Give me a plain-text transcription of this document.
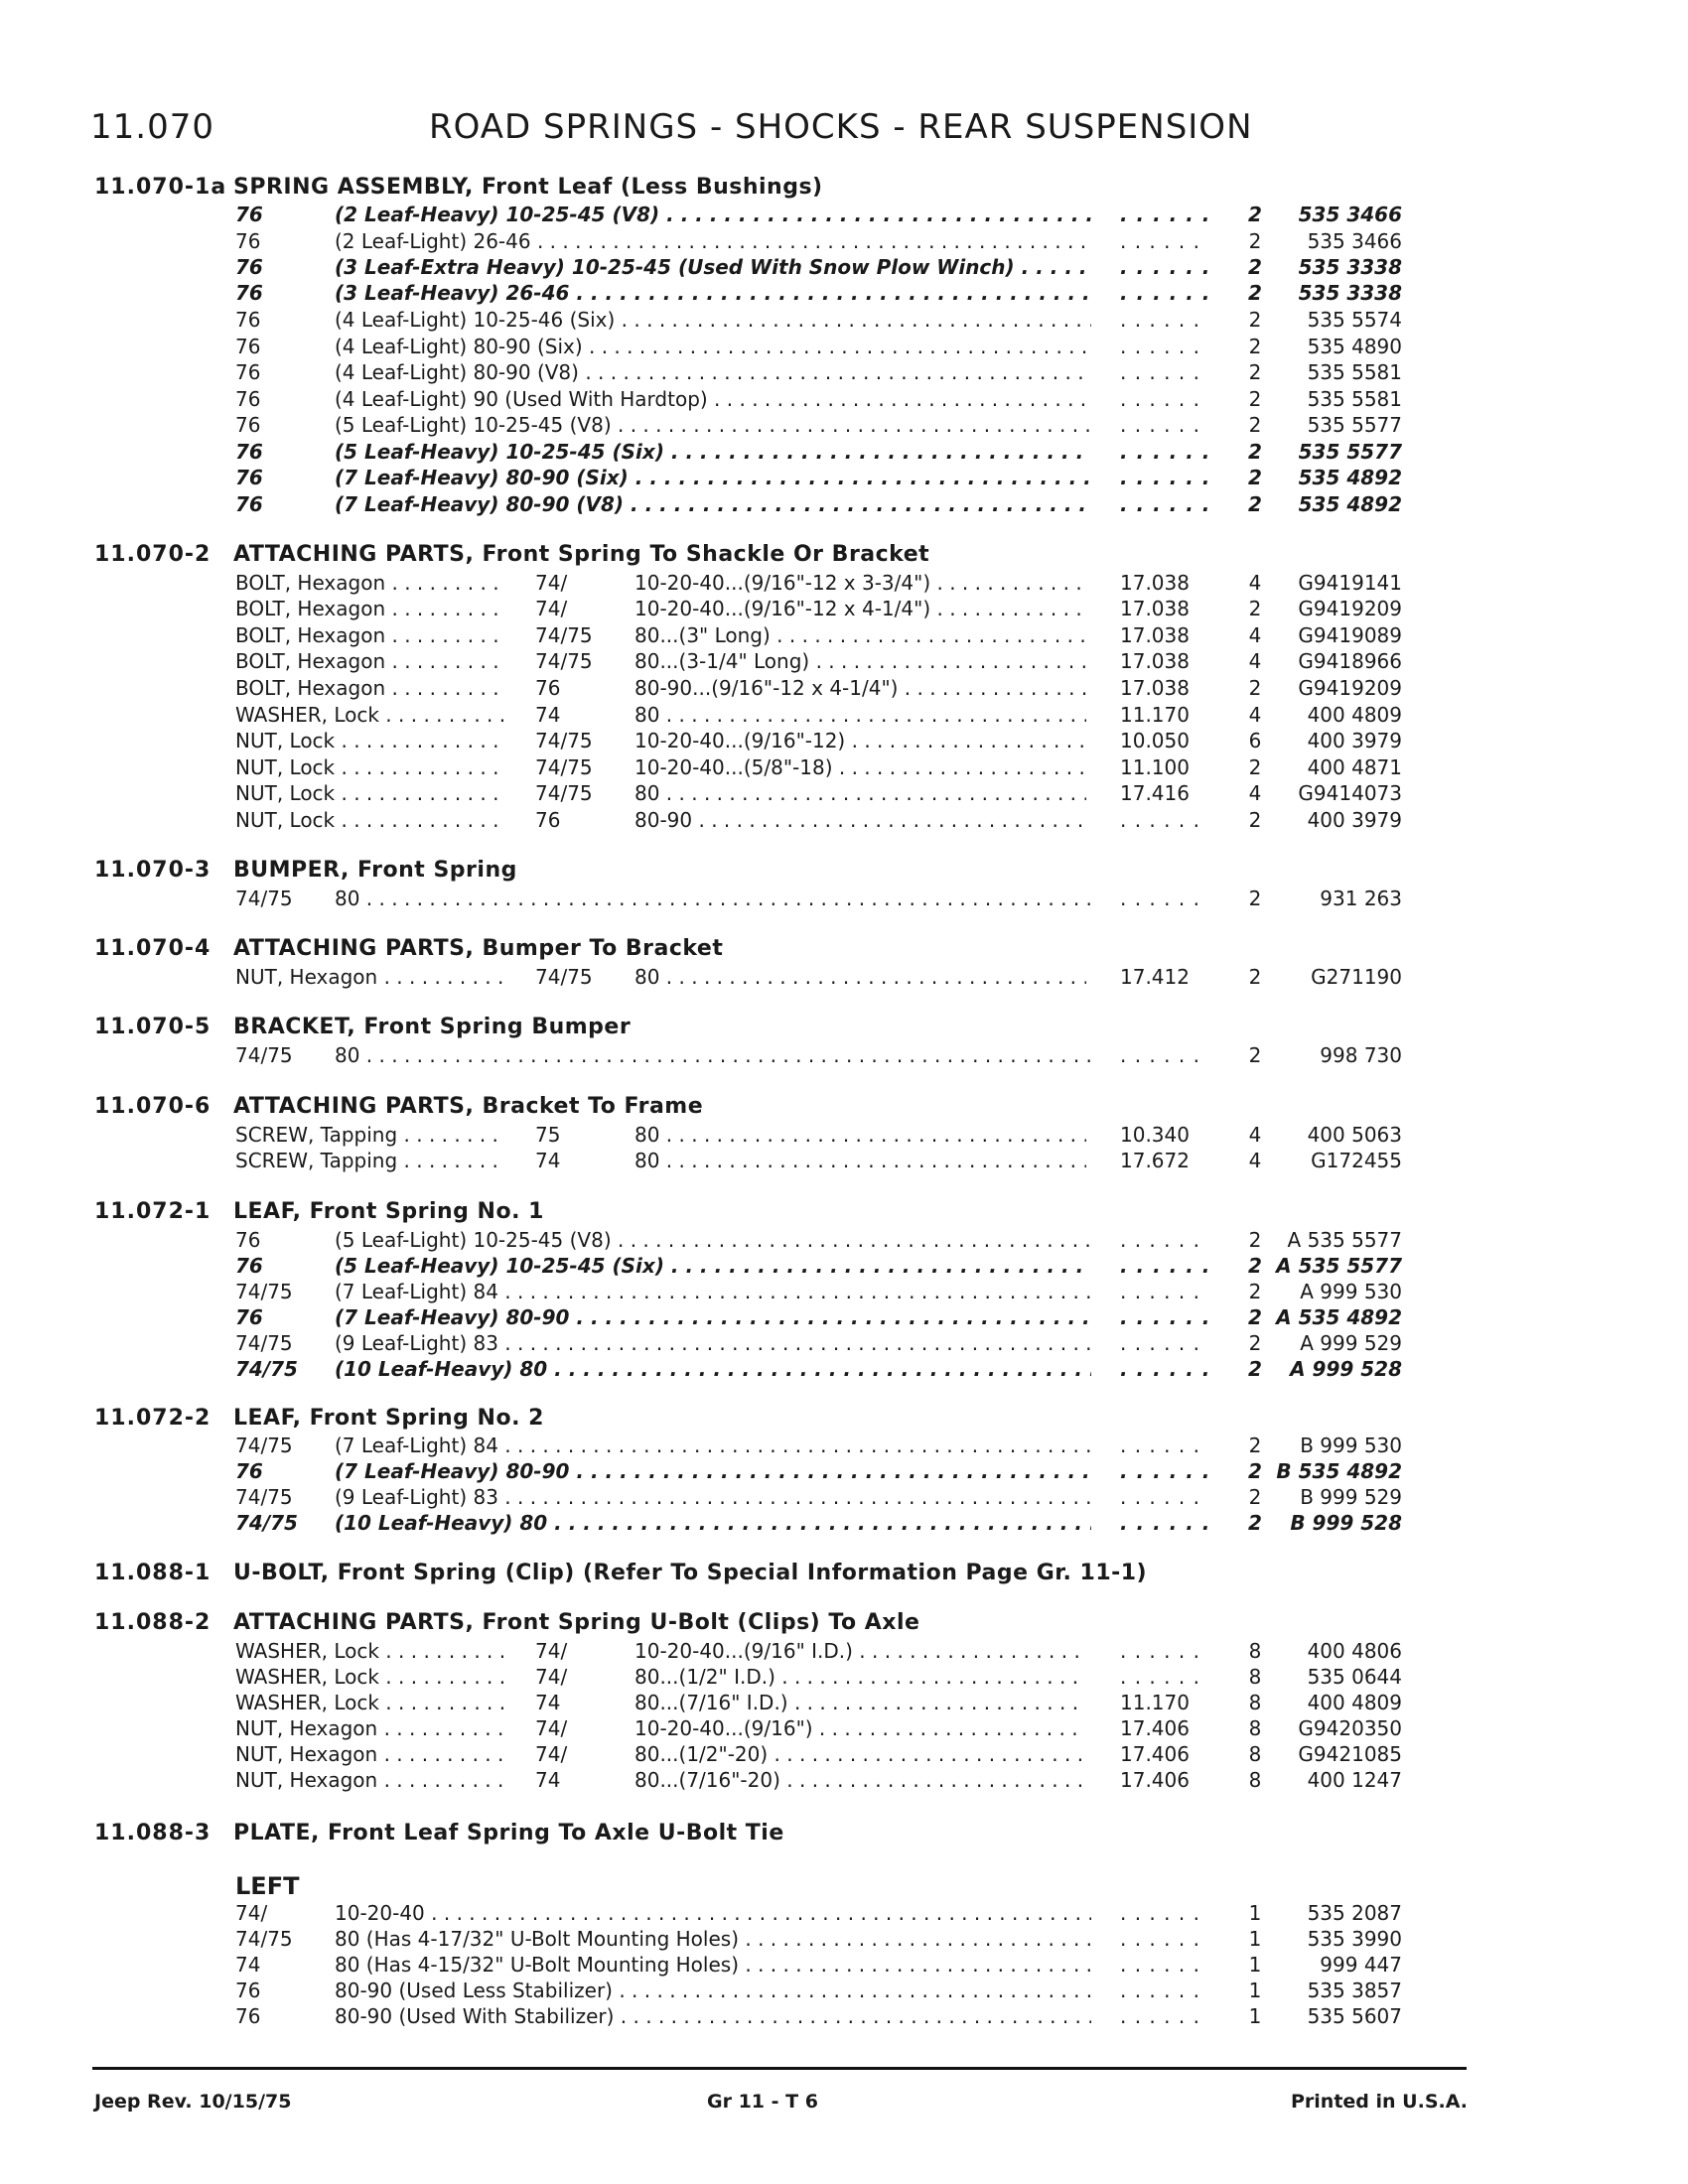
11.070	ROAD SPRINGS - SHOCKS - REAR SUSPENSION
11.070-1a SPRING ASSEMBLY, Front Leaf (Less Bushings)
76	(2 Leaf-Heavy) 10-25-45 (V8) . . . . . .	2	535 3466
76	(2 Leaf-Light) 26-46 . . . . . .	2	535 3466
76	(3 Leaf-Extra Heavy) 10-25-45 (Used With Snow Plow Winch) . . . . . .	2	535 3338
76	(3 Leaf-Heavy) 26-46 . . . . . .	2	535 3338
76	(4 Leaf-Light) 10-25-46 (Six) . . . . . .	2	535 5574
76	(4 Leaf-Light) 80-90 (Six) . . . . . .	2	535 4890
76	(4 Leaf-Light) 80-90 (V8) . . . . . .	2	535 5581
76	(4 Leaf-Light) 90 (Used With Hardtop) . . . . . .	2	535 5581
76	(5 Leaf-Light) 10-25-45 (V8) . . . . . .	2	535 5577
76	(5 Leaf-Heavy) 10-25-45 (Six) . . . . . .	2	535 5577
76	(7 Leaf-Heavy) 80-90 (Six) . . . . . .	2	535 4892
76	(7 Leaf-Heavy) 80-90 (V8) . . . . . .	2	535 4892
11.070-2 ATTACHING PARTS, Front Spring To Shackle Or Bracket
BOLT, Hexagon . . .	74/	10-20-40...(9/16"-12 x 3-3/4") . . .	17.038	4	G9419141
BOLT, Hexagon . . .	74/	10-20-40...(9/16"-12 x 4-1/4") . . .	17.038	2	G9419209
BOLT, Hexagon . . .	74/75 80...(3" Long) . . .	17.038	4	G9419089
BOLT, Hexagon . . .	74/75 80...(3-1/4" Long) . . .	17.038	4	G9418966
BOLT, Hexagon . . .	76	80-90...(9/16"-12 x 4-1/4") . . .	17.038	2	G9419209
WASHER, Lock . . .	74	80 . . .	11.170	4	400 4809
NUT, Lock . . .	74/75 10-20-40...(9/16"-12) . . .	10.050	6	400 3979
NUT, Lock . . .	74/75 10-20-40...(5/8"-18) . . .	11.100	2	400 4871
NUT, Lock . . .	74/75 80 . . .	17.416	4	G9414073
NUT, Lock . . .	76	80-90 . . . . . .	2	400 3979
11.070-3 BUMPER, Front Spring
74/75 80 . . . . . .	2	931 263
11.070-4 ATTACHING PARTS, Bumper To Bracket
NUT, Hexagon . . .	74/75 80 . . .	17.412	2	G271190
11.070-5 BRACKET, Front Spring Bumper
74/75 80 . . . . . .	2	998 730
11.070-6 ATTACHING PARTS, Bracket To Frame
SCREW, Tapping . . .	75	80 . . .	10.340	4	400 5063
SCREW, Tapping . . .	74	80 . . .	17.672	4	G172455
11.072-1 LEAF, Front Spring No. 1
76	(5 Leaf-Light) 10-25-45 (V8) . . . . . .	2	A 535 5577
76	(5 Leaf-Heavy) 10-25-45 (Six) . . . . . .	2 A 535 5577
74/75 (7 Leaf-Light) 84 . . . . . .	2	A 999 530
76	(7 Leaf-Heavy) 80-90 . . . . . .	2 A 535 4892
74/75 (9 Leaf-Light) 83 . . . . . .	2	A 999 529
74/75 (10 Leaf-Heavy) 80 . . . . . .	2	A 999 528
11.072-2 LEAF, Front Spring No. 2
74/75 (7 Leaf-Light) 84 . . . . . .	2	B 999 530
76	(7 Leaf-Heavy) 80-90 . . . . . .	2 B 535 4892
74/75 (9 Leaf-Light) 83 . . . . . .	2	B 999 529
74/75 (10 Leaf-Heavy) 80 . . . . . .	2	B 999 528
11.088-1 U-BOLT, Front Spring (Clip) (Refer To Special Information Page Gr. 11-1)
11.088-2 ATTACHING PARTS, Front Spring U-Bolt (Clips) To Axle
WASHER, Lock . . .	74/	10-20-40...(9/16" I.D.) . . . . . .	8	400 4806
WASHER, Lock . . .	74/	80...(1/2" I.D.) . . . . . .	8	535 0644
WASHER, Lock . . .	74	80...(7/16" I.D.) . . .	11.170	8	400 4809
NUT, Hexagon . . .	74/	10-20-40...(9/16") . . .	17.406	8	G9420350
NUT, Hexagon . . .	74/	80...(1/2"-20) . . .	17.406	8	G9421085
NUT, Hexagon . . .	74	80...(7/16"-20) . . .	17.406	8	400 1247
11.088-3 PLATE, Front Leaf Spring To Axle U-Bolt Tie
LEFT
74/	10-20-40 . . . . . .	1	535 2087
74/75 80 (Has 4-17/32" U-Bolt Mounting Holes) . . . . . .	1	535 3990
74	80 (Has 4-15/32" U-Bolt Mounting Holes) . . . . . .	1	999 447
76	80-90 (Used Less Stabilizer) . . . . . .	1	535 3857
76	80-90 (Used With Stabilizer) . . . . . .	1	535 5607
Jeep Rev. 10/15/75	Gr 11 - T 6	Printed in U.S.A.
